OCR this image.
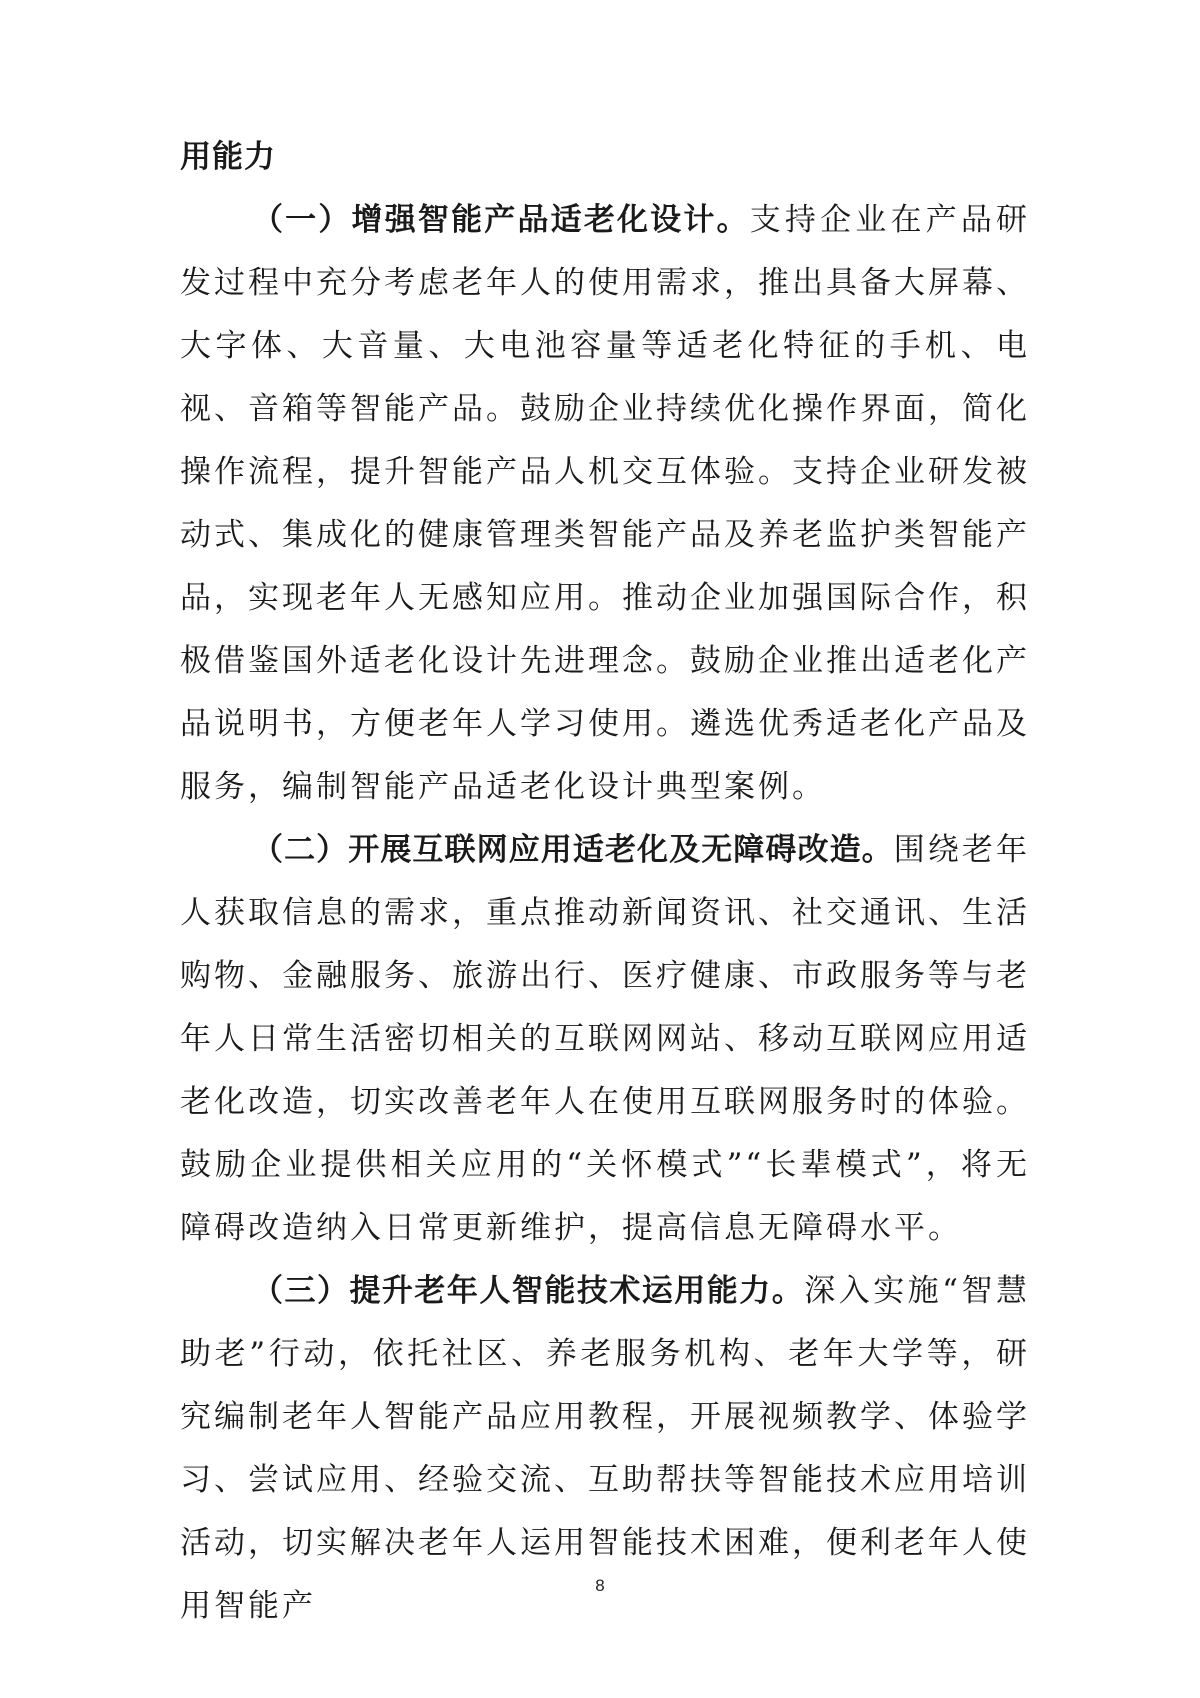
用能力

（一）增强智能产品适老化设计。支持企业在产品研发过程中充分考虑老年人的使用需求，推出具备大屏幕、大字体、大音量、大电池容量等适老化特征的手机、电视、音箱等智能产品。鼓励企业持续优化操作界面，简化操作流程，提升智能产品人机交互体验。支持企业研发被动式、集成化的健康管理类智能产品及养老监护类智能产品，实现老年人无感知应用。推动企业加强国际合作，积极借鉴国外适老化设计先进理念。鼓励企业推出适老化产品说明书，方便老年人学习使用。遴选优秀适老化产品及服务，编制智能产品适老化设计典型案例。

（二）开展互联网应用适老化及无障碍改造。围绕老年人获取信息的需求，重点推动新闻资讯、社交通讯、生活购物、金融服务、旅游出行、医疗健康、市政服务等与老年人日常生活密切相关的互联网网站、移动互联网应用适老化改造，切实改善老年人在使用互联网服务时的体验。鼓励企业提供相关应用的“关怀模式”“长辈模式”，将无障碍改造纳入日常更新维护，提高信息无障碍水平。

（三）提升老年人智能技术运用能力。深入实施“智慧助老”行动，依托社区、养老服务机构、老年大学等，研究编制老年人智能产品应用教程，开展视频教学、体验学习、尝试应用、经验交流、互助帮扶等智能技术应用培训活动，切实解决老年人运用智能技术困难，便利老年人使用智能产

8
